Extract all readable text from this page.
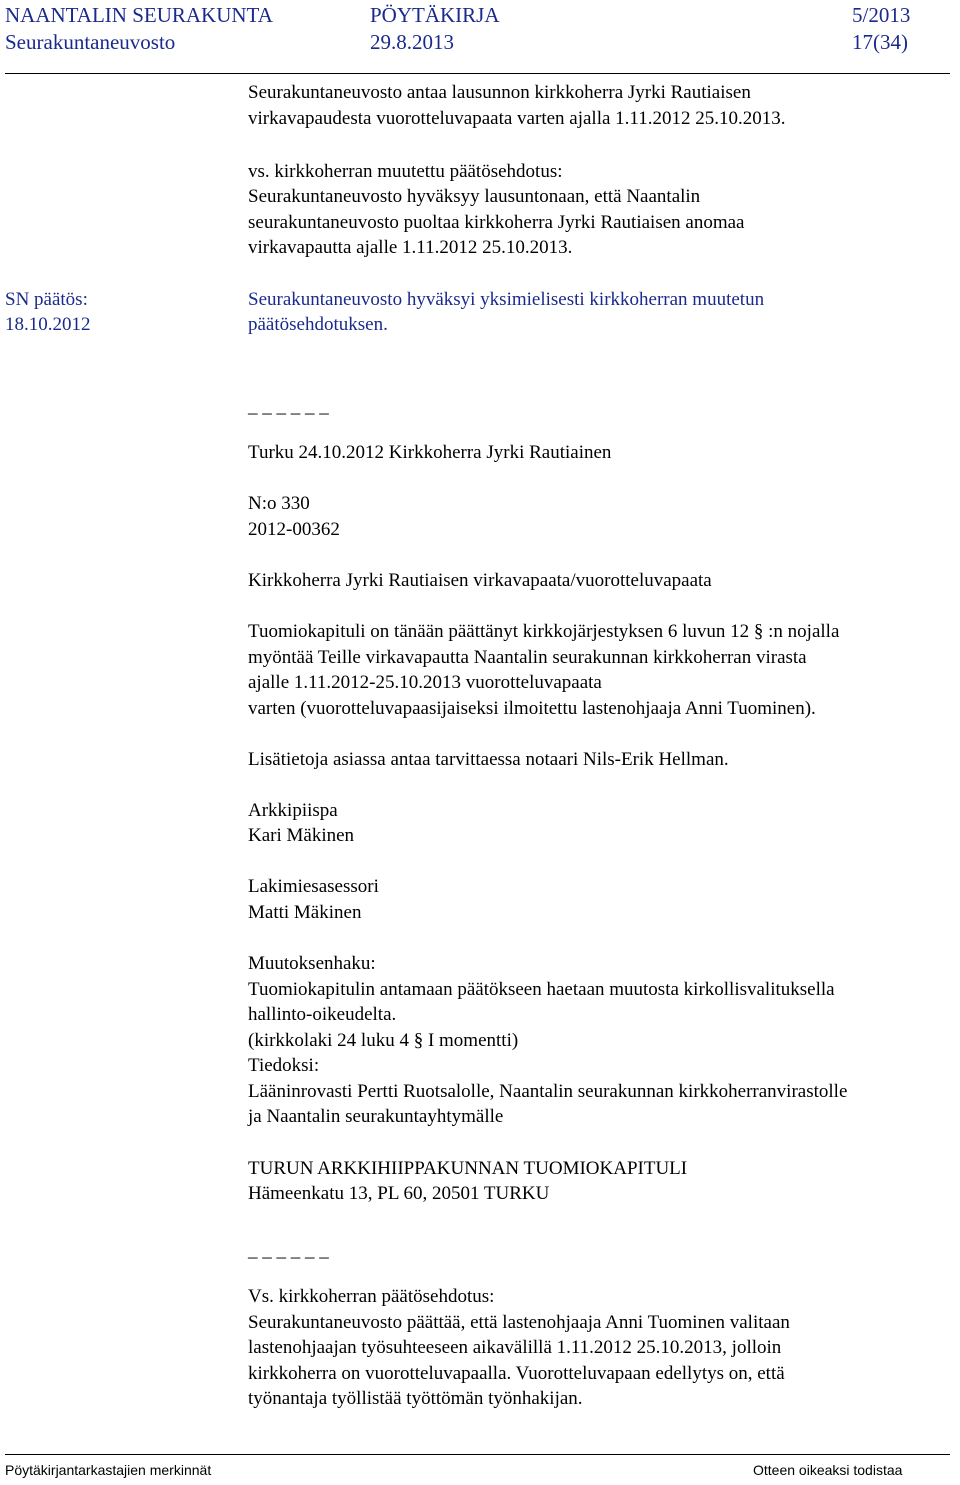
NAANTALIN SEURAKUNTA	PÖYTÄKIRJA	5/2013
Seurakuntaneuvosto	29.8.2013	17(34)
Seurakuntaneuvosto antaa lausunnon kirkkoherra Jyrki Rautiaisen
virkavapaudesta vuorotteluvapaata varten ajalla 1.11.2012 25.10.2013.
vs. kirkkoherran muutettu päätösehdotus:
Seurakuntaneuvosto hyväksyy lausuntonaan, että Naantalin
seurakuntaneuvosto puoltaa kirkkoherra Jyrki Rautiaisen anomaa
virkavapautta ajalle 1.11.2012 25.10.2013.
SN päätös:
18.10.2012
Seurakuntaneuvosto hyväksyi yksimielisesti kirkkoherran muutetun
päätösehdotuksen.
_ _ _ _ _ _
Turku 24.10.2012 Kirkkoherra Jyrki Rautiainen
N:o 330
2012-00362
Kirkkoherra Jyrki Rautiaisen virkavapaata/vuorotteluvapaata
Tuomiokapituli on tänään päättänyt kirkkojärjestyksen 6 luvun 12 § :n nojalla
myöntää Teille virkavapautta Naantalin seurakunnan kirkkoherran virasta
ajalle 1.11.2012-25.10.2013 vuorotteluvapaata
varten (vuorotteluvapaasijaiseksi ilmoitettu lastenohjaaja Anni Tuominen).
Lisätietoja asiassa antaa tarvittaessa notaari Nils-Erik Hellman.
Arkkipiispa
Kari Mäkinen
Lakimiesasessori
Matti Mäkinen
Muutoksenhaku:
Tuomiokapitulin antamaan päätökseen haetaan muutosta kirkollisvalituksella
hallinto-oikeudelta.
(kirkkolaki 24 luku 4 § I momentti)
Tiedoksi:
Lääninrovasti Pertti Ruotsalolle, Naantalin seurakunnan kirkkoherranvirastolle
ja Naantalin seurakuntayhtymälle
TURUN ARKKIHIIPPAKUNNAN TUOMIOKAPITULI
Hämeenkatu 13, PL 60, 20501 TURKU
_ _ _ _ _ _
Vs. kirkkoherran päätösehdotus:
Seurakuntaneuvosto päättää, että lastenohjaaja Anni Tuominen valitaan
lastenohjaajan työsuhteeseen aikavälillä 1.11.2012 25.10.2013, jolloin
kirkkoherra on vuorotteluvapaalla. Vuorotteluvapaan edellytys on, että
työnantaja työllistää työttömän työnhakijan.
Pöytäkirjantarkastajien merkinnät	Otteen oikeaksi todistaa
